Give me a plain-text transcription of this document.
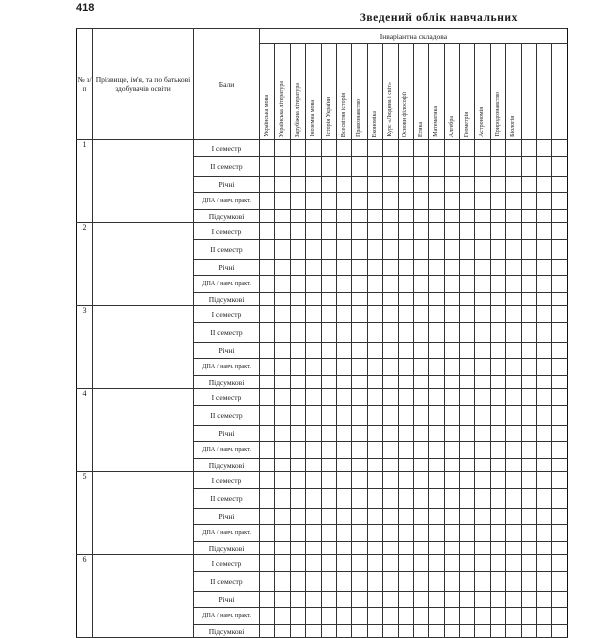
418
Зведений облік навчальних
№ з/п	Прізвище, ім'я, та по батькові здобувачів освіти	Бали	Інваріантна складова																			

			Українська мова	Українська література	Зарубіжна література	Іноземна мова	Історія України	Всесвітня історія	Правознавство	Економіка	Курс «Людина і світ»	Основи філософії	Етика	Математика	Алгебра	Геометрія	Астрономія	Природознавство	Біологія			

1		І семестр																				
		ІІ семестр																				
		Річні																				
		ДПА / навч. практ.																				
		Підсумкові																				
2		І семестр																				
		ІІ семестр																				
		Річні																				
		ДПА / навч. практ.																				
		Підсумкові																				
3		І семестр																				
		ІІ семестр																				
		Річні																				
		ДПА / навч. практ.																				
		Підсумкові																				
4		І семестр																				
		ІІ семестр																				
		Річні																				
		ДПА / навч. практ.																				
		Підсумкові																				
5		І семестр																				
		ІІ семестр																				
		Річні																				
		ДПА / навч. практ.																				
		Підсумкові																				
6		І семестр																				
		ІІ семестр																				
		Річні																				
		ДПА / навч. практ.																				
		Підсумкові																				
